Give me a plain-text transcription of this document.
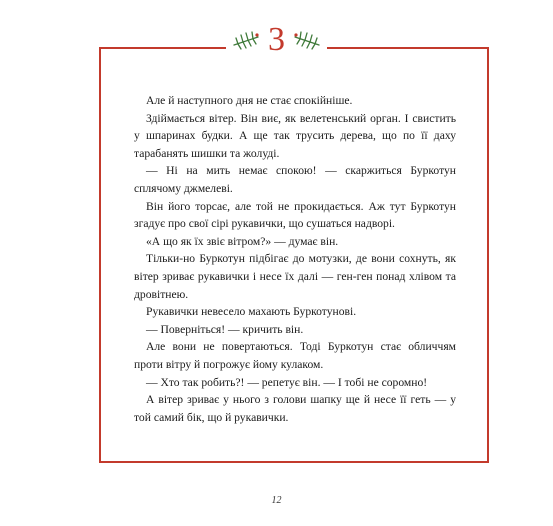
3

Але й наступного дня не стає спокійніше.

Здіймається вітер. Він виє, як велетенський орган. І свистить у шпаринах будки. А ще так трусить дерева, що по її даху тарабанять шишки та жолуді.

— Ні на мить немає спокою! — скаржиться Буркотун сплячому джмелеві.

Він його торсає, але той не прокидається. Аж тут Буркотун згадує про свої сірі рукавички, що сушаться надворі.

«А що як їх звіє вітром?» — думає він.

Тільки-но Буркотун підбігає до мотузки, де вони сохнуть, як вітер зриває рукавички і несе їх далі — ген-ген понад хлівом та дровітнею.

Рукавички невесело махають Буркотунові.

— Поверніться! — кричить він.

Але вони не повертаються. Тоді Буркотун стає обличчям проти вітру й погрожує йому кулаком.

— Хто так робить?! — репетує він. — І тобі не соромно!

А вітер зриває у нього з голови шапку ще й несе її геть — у той самий бік, що й рукавички.

12
